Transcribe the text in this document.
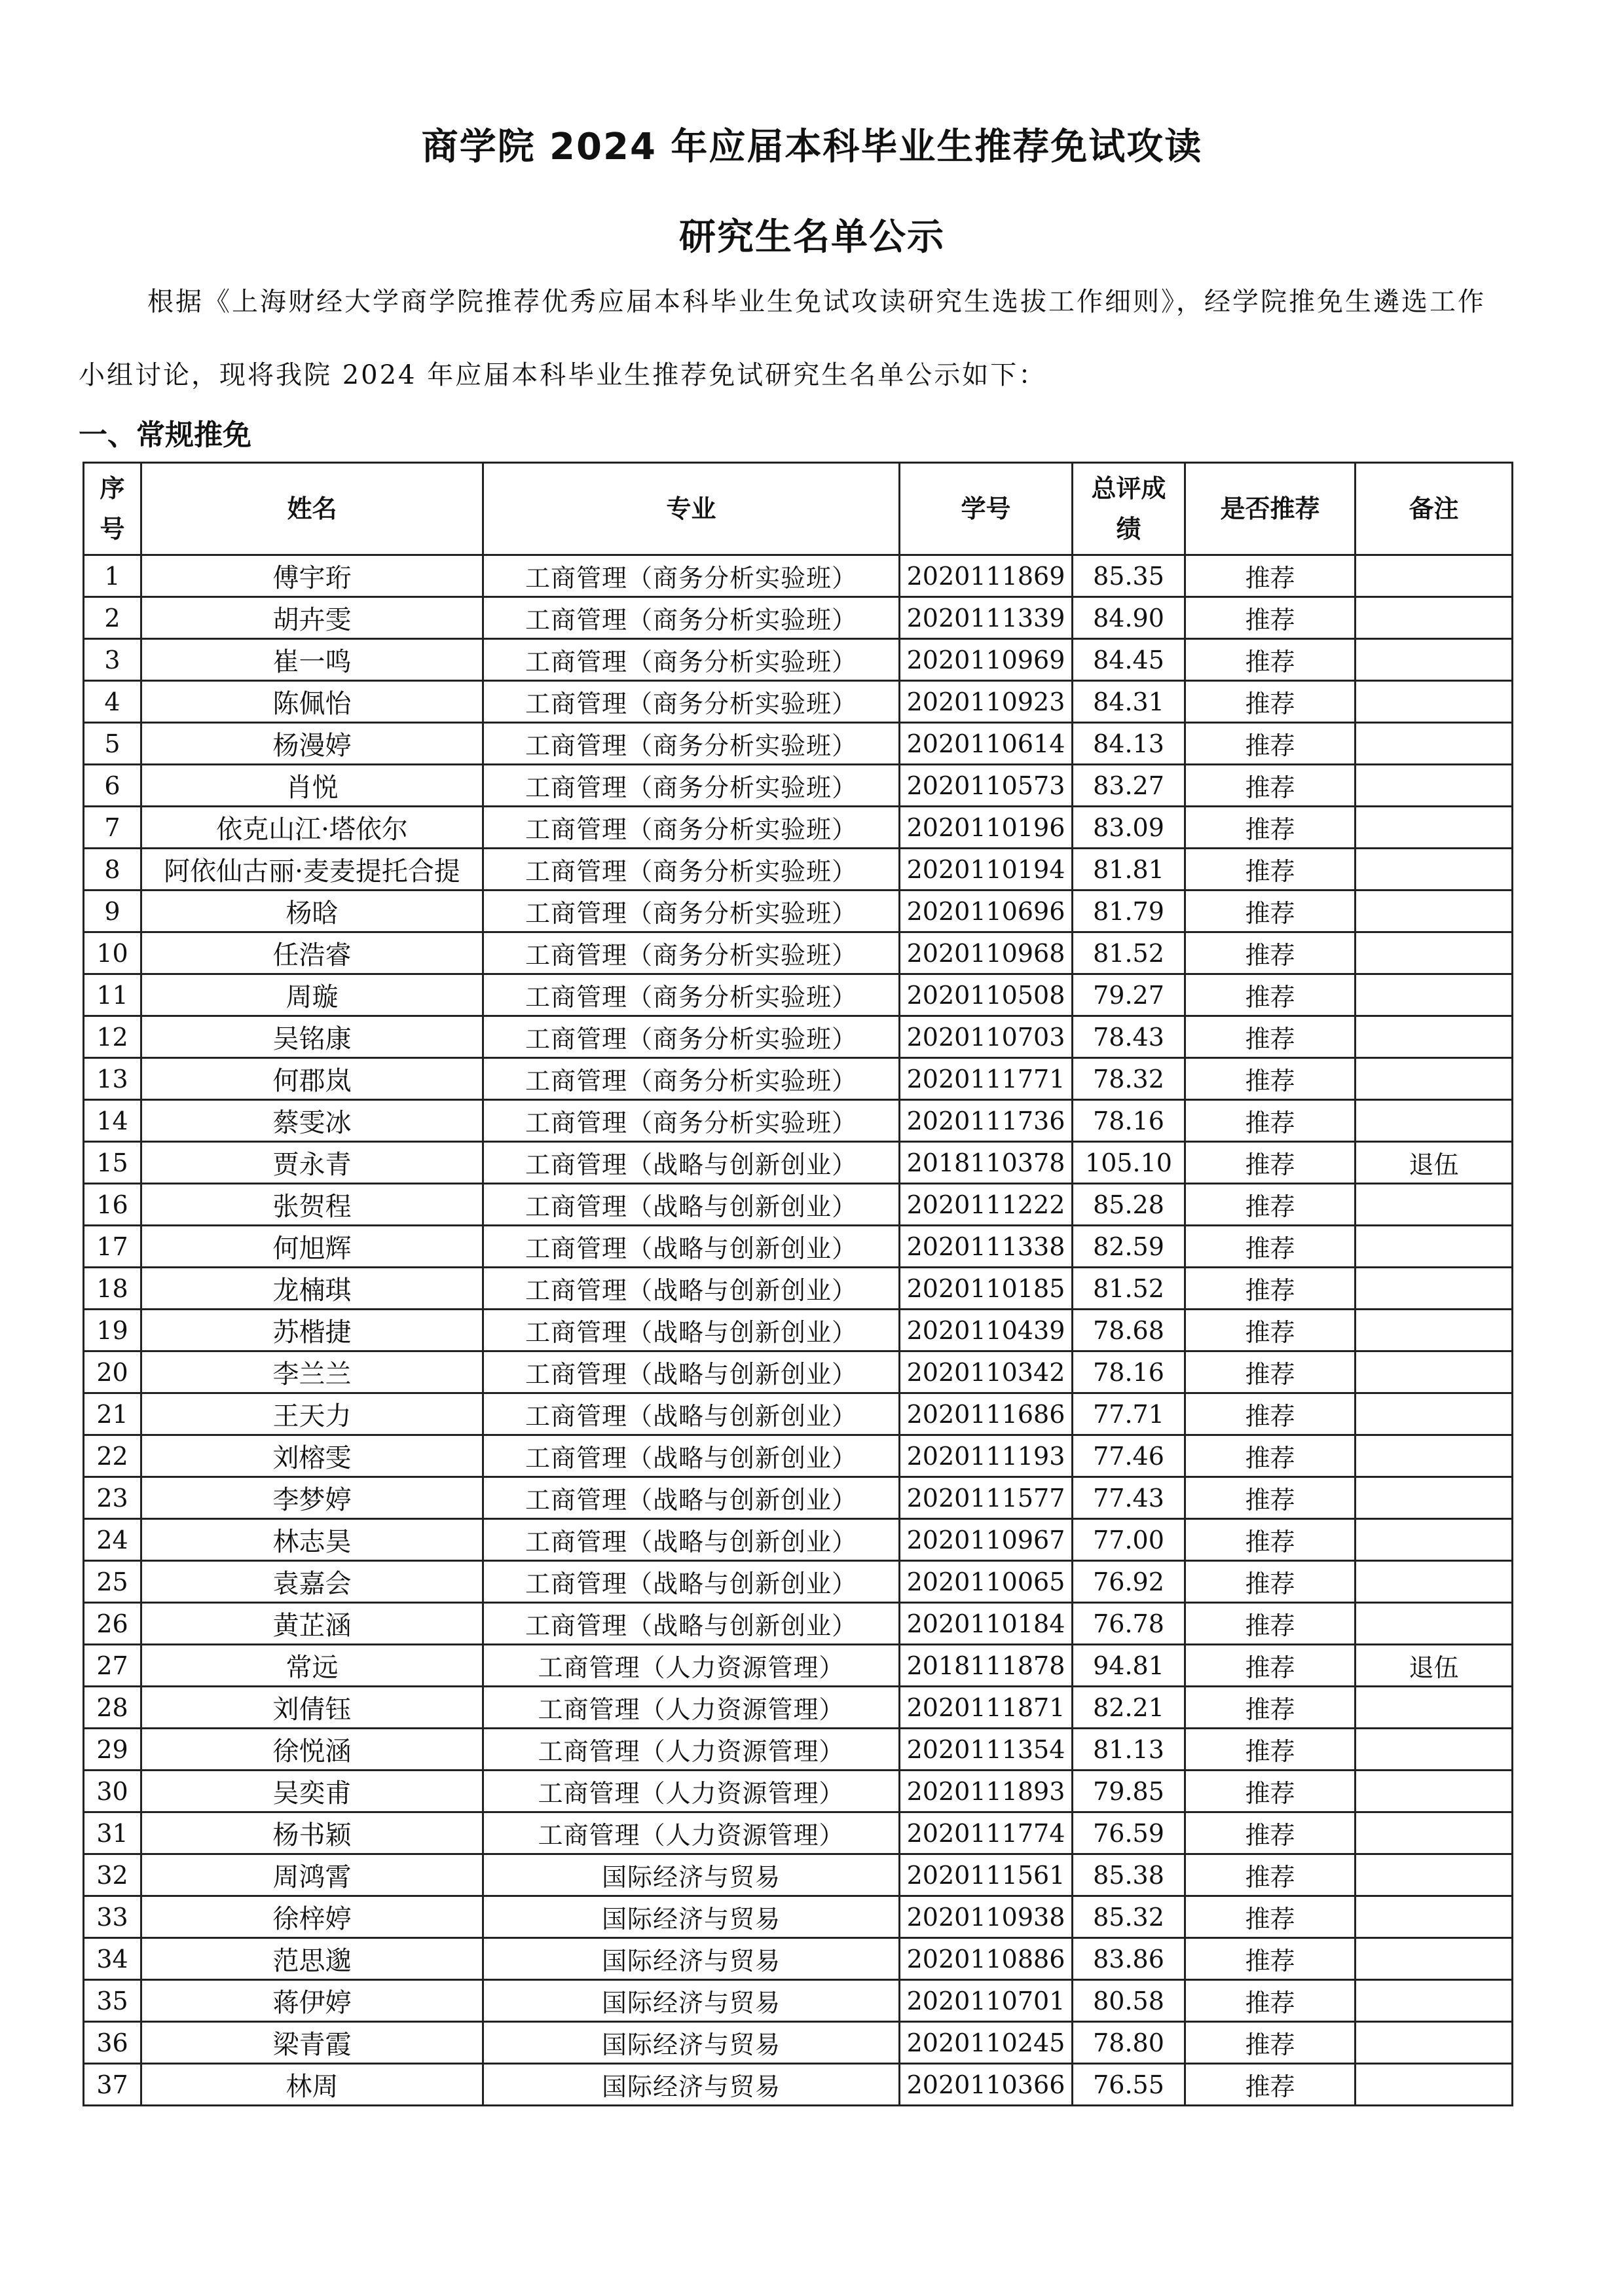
商学院 2024 年应届本科毕业生推荐免试攻读
研究生名单公示
根据《上海财经大学商学院推荐优秀应届本科毕业生免试攻读研究生选拔工作细则》，经学院推免生遴选工作小组讨论，现将我院 2024 年应届本科毕业生推荐免试研究生名单公示如下：
一、常规推免
序号	姓名	专业	学号	总评成绩	是否推荐	备注
1	傅宇珩	工商管理（商务分析实验班）	2020111869	85.35	推荐	
2	胡卉雯	工商管理（商务分析实验班）	2020111339	84.90	推荐	
3	崔一鸣	工商管理（商务分析实验班）	2020110969	84.45	推荐	
4	陈佩怡	工商管理（商务分析实验班）	2020110923	84.31	推荐	
5	杨漫婷	工商管理（商务分析实验班）	2020110614	84.13	推荐	
6	肖悦	工商管理（商务分析实验班）	2020110573	83.27	推荐	
7	依克山江·塔依尔	工商管理（商务分析实验班）	2020110196	83.09	推荐	
8	阿依仙古丽·麦麦提托合提	工商管理（商务分析实验班）	2020110194	81.81	推荐	
9	杨晗	工商管理（商务分析实验班）	2020110696	81.79	推荐	
10	任浩睿	工商管理（商务分析实验班）	2020110968	81.52	推荐	
11	周璇	工商管理（商务分析实验班）	2020110508	79.27	推荐	
12	吴铭康	工商管理（商务分析实验班）	2020110703	78.43	推荐	
13	何郡岚	工商管理（商务分析实验班）	2020111771	78.32	推荐	
14	蔡雯冰	工商管理（商务分析实验班）	2020111736	78.16	推荐	
15	贾永青	工商管理（战略与创新创业）	2018110378	105.10	推荐	退伍
16	张贺程	工商管理（战略与创新创业）	2020111222	85.28	推荐	
17	何旭辉	工商管理（战略与创新创业）	2020111338	82.59	推荐	
18	龙楠琪	工商管理（战略与创新创业）	2020110185	81.52	推荐	
19	苏楷捷	工商管理（战略与创新创业）	2020110439	78.68	推荐	
20	李兰兰	工商管理（战略与创新创业）	2020110342	78.16	推荐	
21	王天力	工商管理（战略与创新创业）	2020111686	77.71	推荐	
22	刘榕雯	工商管理（战略与创新创业）	2020111193	77.46	推荐	
23	李梦婷	工商管理（战略与创新创业）	2020111577	77.43	推荐	
24	林志昊	工商管理（战略与创新创业）	2020110967	77.00	推荐	
25	袁嘉会	工商管理（战略与创新创业）	2020110065	76.92	推荐	
26	黄芷涵	工商管理（战略与创新创业）	2020110184	76.78	推荐	
27	常远	工商管理（人力资源管理）	2018111878	94.81	推荐	退伍
28	刘倩钰	工商管理（人力资源管理）	2020111871	82.21	推荐	
29	徐悦涵	工商管理（人力资源管理）	2020111354	81.13	推荐	
30	吴奕甫	工商管理（人力资源管理）	2020111893	79.85	推荐	
31	杨书颖	工商管理（人力资源管理）	2020111774	76.59	推荐	
32	周鸿霄	国际经济与贸易	2020111561	85.38	推荐	
33	徐梓婷	国际经济与贸易	2020110938	85.32	推荐	
34	范思邈	国际经济与贸易	2020110886	83.86	推荐	
35	蒋伊婷	国际经济与贸易	2020110701	80.58	推荐	
36	梁青霞	国际经济与贸易	2020110245	78.80	推荐	
37	林周	国际经济与贸易	2020110366	76.55	推荐	
